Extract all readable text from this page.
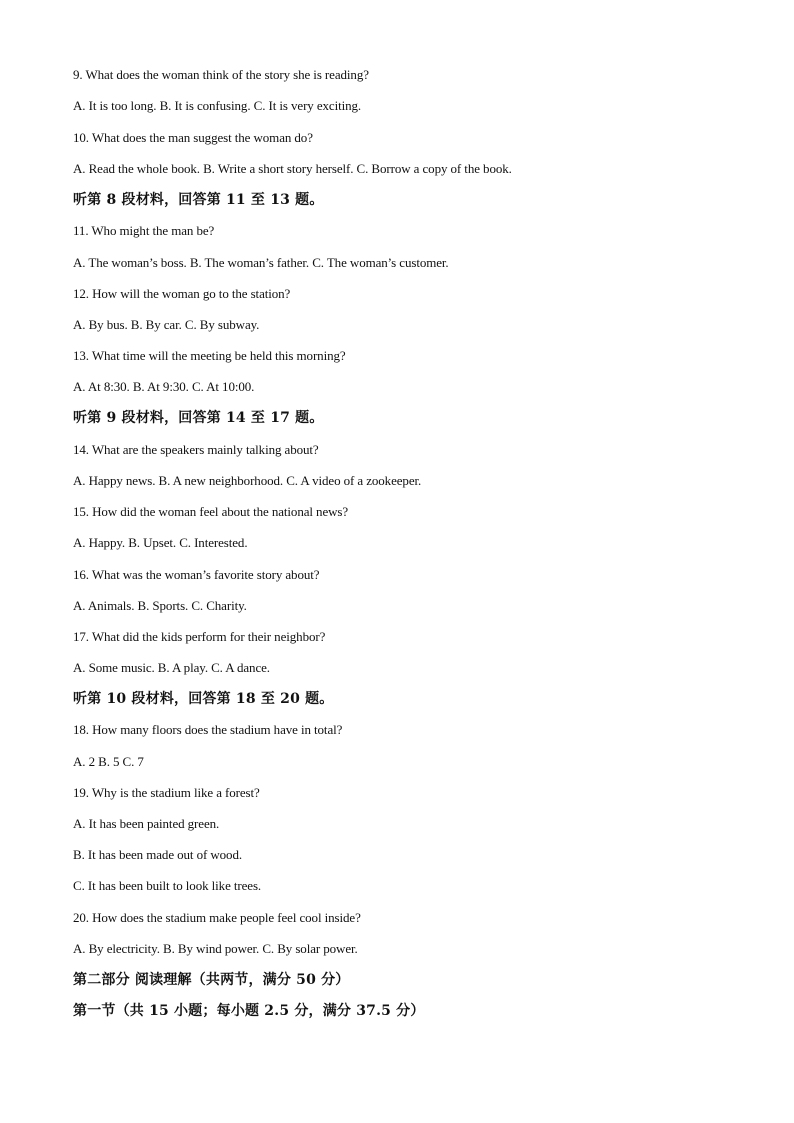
9. What does the woman think of the story she is reading?
A. It is too long. B. It is confusing. C. It is very exciting.
10. What does the man suggest the woman do?
A. Read the whole book. B. Write a short story herself. C. Borrow a copy of the book.
听第 8 段材料，回答第 11 至 13 题。
11. Who might the man be?
A. The woman’s boss. B. The woman’s father. C. The woman’s customer.
12. How will the woman go to the station?
A. By bus. B. By car. C. By subway.
13. What time will the meeting be held this morning?
A. At 8:30. B. At 9:30. C. At 10:00.
听第 9 段材料，回答第 14 至 17 题。
14. What are the speakers mainly talking about?
A. Happy news. B. A new neighborhood. C. A video of a zookeeper.
15. How did the woman feel about the national news?
A. Happy. B. Upset. C. Interested.
16. What was the woman’s favorite story about?
A. Animals. B. Sports. C. Charity.
17. What did the kids perform for their neighbor?
A. Some music. B. A play. C. A dance.
听第 10 段材料，回答第 18 至 20 题。
18. How many floors does the stadium have in total?
A. 2 B. 5 C. 7
19. Why is the stadium like a forest?
A. It has been painted green.
B. It has been made out of wood.
C. It has been built to look like trees.
20. How does the stadium make people feel cool inside?
A. By electricity. B. By wind power. C. By solar power.
第二部分 阅读理解（共两节，满分 50 分）
第一节（共 15 小题；每小题 2.5 分，满分 37.5 分）
